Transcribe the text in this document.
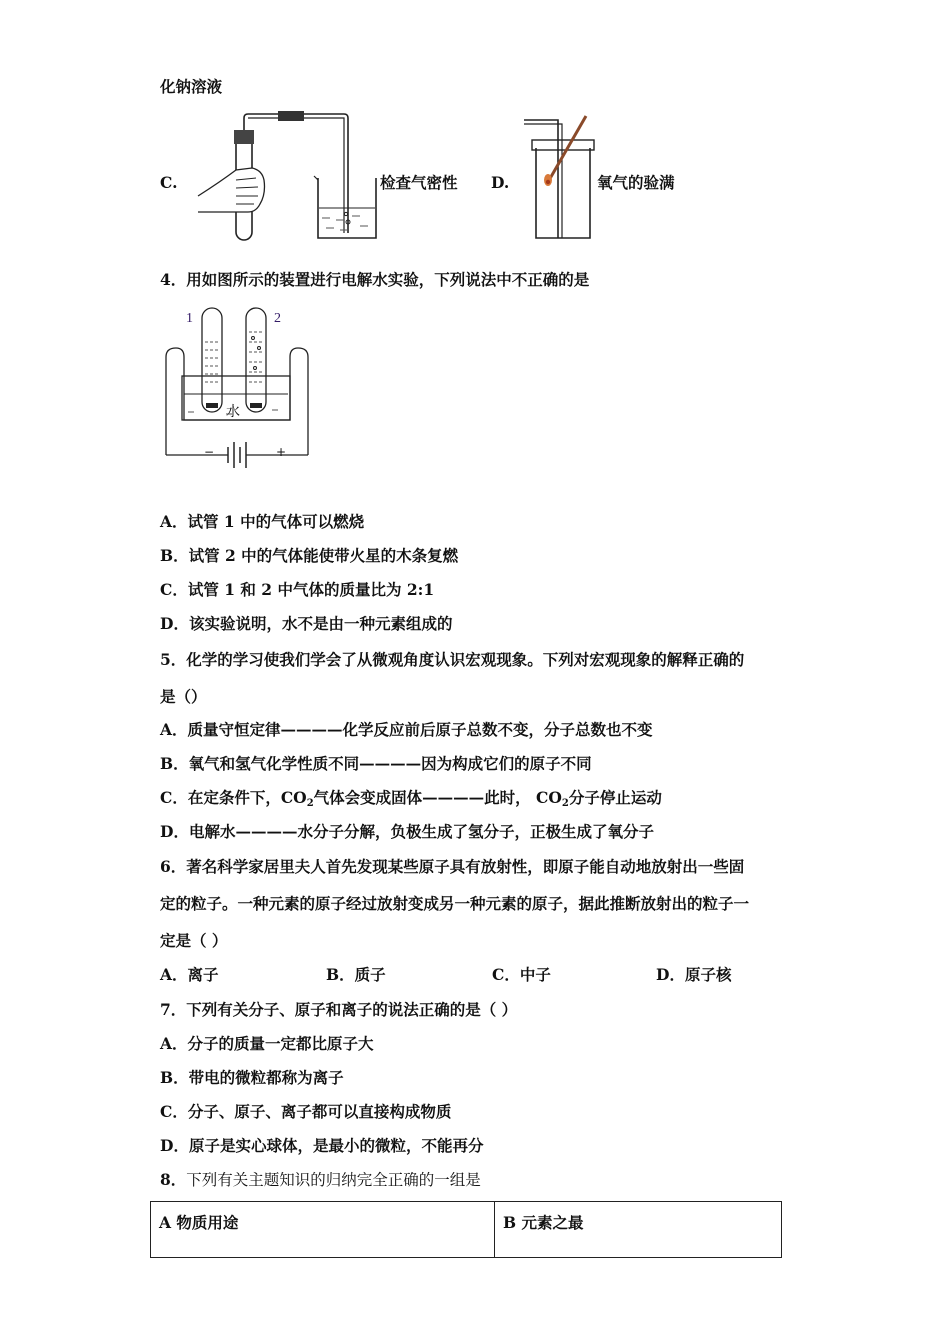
化钠溶液
C.	检查气密性 D.	氧气的验满
4．用如图所示的装置进行电解水实验，下列说法中不正确的是
1	2
水
−	+
A．试管 1 中的气体可以燃烧
B．试管 2 中的气体能使带火星的木条复燃
C．试管 1 和 2 中气体的质量比为 2:1
D．该实验说明，水不是由一种元素组成的
5．化学的学习使我们学会了从微观角度认识宏观现象。下列对宏观现象的解释正确的
是（）
A．质量守恒定律————化学反应前后原子总数不变，分子总数也不变
B．氧气和氢气化学性质不同————因为构成它们的原子不同
C．在定条件下，$CO_2$气体会变成固体————此时， $CO_2$分子停止运动
D．电解水————水分子分解，负极生成了氢分子，正极生成了氧分子
6．著名科学家居里夫人首先发现某些原子具有放射性，即原子能自动地放射出一些固
定的粒子。一种元素的原子经过放射变成另一种元素的原子，据此推断放射出的粒子一
定是（ ）
A．离子	B．质子	C．中子	D．原子核
7．下列有关分子、原子和离子的说法正确的是（ ）
A．分子的质量一定都比原子大
B．带电的微粒都称为离子
C．分子、原子、离子都可以直接构成物质
D．原子是实心球体，是最小的微粒，不能再分
8．下列有关主题知识的归纳完全正确的一组是
A 物质用途	B 元素之最
